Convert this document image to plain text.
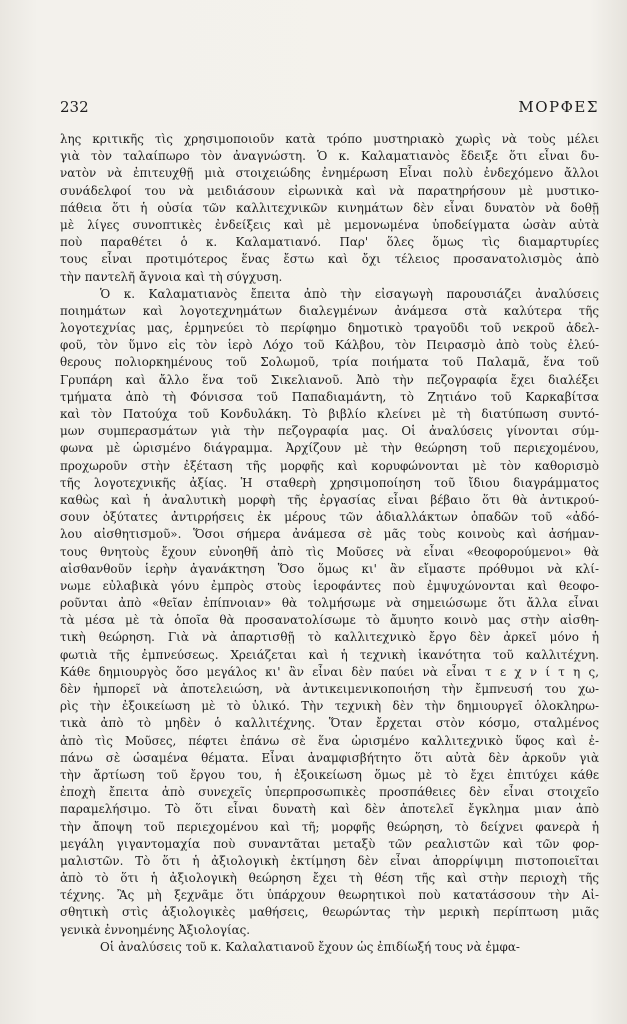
232	ΜΟΡΦΕΣ
λης κριτικῆς τὶς χρησιμοποιοῦν κατὰ τρόπο μυστηριακὸ χωρὶς νὰ τοὺς μέλει
γιὰ τὸν ταλαίπωρο τὸν ἀναγνώστη. Ὁ κ. Καλαματιανὸς ἔδειξε ὅτι εἶναι δυ-
νατὸν νὰ ἐπιτευχθῇ μιὰ στοιχειώδης ἐνημέρωση Εἶναι πολὺ ἐνδεχόμενο ἄλλοι
συνάδελφοί του νὰ μειδιάσουν εἰρωνικὰ καὶ νὰ παρατηρήσουν μὲ μυστικο-
πάθεια ὅτι ἡ οὐσία τῶν καλλιτεχνικῶν κινημάτων δὲν εἶναι δυνατὸν νὰ δοθῇ
μὲ λίγες συνοπτικὲς ἐνδείξεις καὶ μὲ μεμονωμένα ὑποδείγματα ὡσὰν αὐτὰ
ποὺ παραθέτει ὁ κ. Καλαματιανό. Παρ' ὅλες ὅμως τὶς διαμαρτυρίες
τους εἶναι προτιμότερος ἕνας ἔστω καὶ ὄχι τέλειος προσανατολισμὸς ἀπὸ
τὴν παντελῆ ἄγνοια καὶ τὴ σύγχυση.
Ὁ κ. Καλαματιανὸς ἔπειτα ἀπὸ τὴν εἰσαγωγὴ παρουσιάζει ἀναλύσεις
ποιημάτων καὶ λογοτεχνημάτων διαλεγμένων ἀνάμεσα στὰ καλύτερα τῆς
λογοτεχνίας μας, ἑρμηνεύει τὸ περίφημο δημοτικὸ τραγοῦδι τοῦ νεκροῦ ἀδελ-
φοῦ, τὸν ὕμνο εἰς τὸν ἱερὸ Λόχο τοῦ Κάλβου, τὸν Πειρασμὸ ἀπὸ τοὺς ἐλεύ-
θερους πολιορκημένους τοῦ Σολωμοῦ, τρία ποιήματα τοῦ Παλαμᾶ, ἕνα τοῦ
Γρυπάρη καὶ ἄλλο ἕνα τοῦ Σικελιανοῦ. Ἀπὸ τὴν πεζογραφία ἔχει διαλέξει
τμήματα ἀπὸ τὴ Φόνισσα τοῦ Παπαδιαμάντη, τὸ Ζητιάνο τοῦ Καρκαβίτσα
καὶ τὸν Πατούχα τοῦ Κονδυλάκη. Τὸ βιβλίο κλείνει μὲ τὴ διατύπωση συντό-
μων συμπερασμάτων γιὰ τὴν πεζογραφία μας. Οἱ ἀναλύσεις γίνονται σύμ-
φωνα μὲ ὡρισμένο διάγραμμα. Ἀρχίζουν μὲ τὴν θεώρηση τοῦ περιεχομένου,
προχωροῦν στὴν ἐξέταση τῆς μορφῆς καὶ κορυφώνονται μὲ τὸν καθορισμὸ
τῆς λογοτεχνικῆς ἀξίας. Ἡ σταθερὴ χρησιμοποίηση τοῦ ἴδιου διαγράμματος
καθὼς καὶ ἡ ἀναλυτικὴ μορφὴ τῆς ἐργασίας εἶναι βέβαιο ὅτι θὰ ἀντικρού-
σουν ὀξύτατες ἀντιρρήσεις ἐκ μέρους τῶν ἀδιαλλάκτων ὀπαδῶν τοῦ «ἀδό-
λου αἰσθητισμοῦ». Ὅσοι σήμερα ἀνάμεσα σὲ μᾶς τοὺς κοινοὺς καὶ ἀσήμαν-
τους θνητοὺς ἔχουν εὐνοηθῆ ἀπὸ τὶς Μοῦσες νὰ εἶναι «θεοφορούμενοι» θὰ
αἰσθανθοῦν ἱερὴν ἀγανάκτηση Ὅσο ὅμως κι' ἂν εἴμαστε πρόθυμοι νὰ κλί-
νωμε εὐλαβικὰ γόνυ ἐμπρὸς στοὺς ἱεροφάντες ποὺ ἐμψυχώνονται καὶ θεοφο-
ροῦνται ἀπὸ «θεῖαν ἐπίπνοιαν» θὰ τολμήσωμε νὰ σημειώσωμε ὅτι ἄλλα εἶναι
τὰ μέσα μὲ τὰ ὁποῖα θὰ προσανατολίσωμε τὸ ἄμυητο κοινὸ μας στὴν αἰσθη-
τικὴ θεώρηση. Γιὰ νὰ ἀπαρτισθῇ τὸ καλλιτεχνικὸ ἔργο δὲν ἀρκεῖ μόνο ἡ
φωτιὰ τῆς ἐμπνεύσεως. Χρειάζεται καὶ ἡ τεχνικὴ ἱκανότητα τοῦ καλλιτέχνη.
Κάθε δημιουργὸς ὅσο μεγάλος κι' ἂν εἶναι δὲν παύει νὰ εἶναι τ ε χ ν ί τ η ς,
δὲν ἠμπορεῖ νὰ ἀποτελειώση, νὰ ἀντικειμενικοποιήση τὴν ἔμπνευσή του χω-
ρὶς τὴν ἐξοικείωση μὲ τὸ ὑλικό. Τὴν τεχνικὴ δὲν τὴν δημιουργεῖ ὁλοκληρω-
τικὰ ἀπὸ τὸ μηδὲν ὁ καλλιτέχνης. Ὅταν ἔρχεται στὸν κόσμο, σταλμένος
ἀπὸ τὶς Μοῦσες, πέφτει ἐπάνω σὲ ἕνα ὡρισμένο καλλιτεχνικὸ ὕφος καὶ ἐ-
πάνω σὲ ὡσαμένα θέματα. Εἶναι ἀναμφισβήτητο ὅτι αὐτὰ δὲν ἀρκοῦν γιὰ
τὴν ἄρτίωση τοῦ ἔργου του, ἡ ἐξοικείωση ὅμως μὲ τὸ ἔχει ἐπιτύχει κάθε
ἐποχὴ ἔπειτα ἀπὸ συνεχεῖς ὑπερπροσωπικὲς προσπάθειες δὲν εἶναι στοιχεῖο
παραμελήσιμο. Τὸ ὅτι εἶναι δυνατὴ καὶ δὲν ἀποτελεῖ ἔγκλημα μιαν ἀπὸ
τὴν ἄποψη τοῦ περιεχομένου καὶ τῆ; μορφῆς θεώρηση, τὸ δείχνει φανερὰ ἡ
μεγάλη γιγαντομαχία ποὺ συναντᾶται μεταξὺ τῶν ρεαλιστῶν καὶ τῶν φορ-
μαλιστῶν. Τὸ ὅτι ἡ ἀξιολογικὴ ἐκτίμηση δὲν εἶναι ἀπορρίψιμη πιστοποιεῖται
ἀπὸ τὸ ὅτι ἡ ἀξιολογικὴ θεώρηση ἔχει τὴ θέση τῆς καὶ στὴν περιοχὴ τῆς
τέχνης. Ἂς μὴ ξεχνᾶμε ὅτι ὑπάρχουν θεωρητικοὶ ποὺ κατατάσσουν τὴν Αἰ-
σθητικὴ στὶς ἀξιολογικὲς μαθήσεις, θεωρώντας τὴν μερικὴ περίπτωση μιᾶς
γενικὰ ἐννοημένης Ἀξιολογίας.
Οἱ ἀναλύσεις τοῦ κ. Καλαλατιανοῦ ἔχουν ὡς ἐπιδίωξή τους νὰ ἐμφα-
